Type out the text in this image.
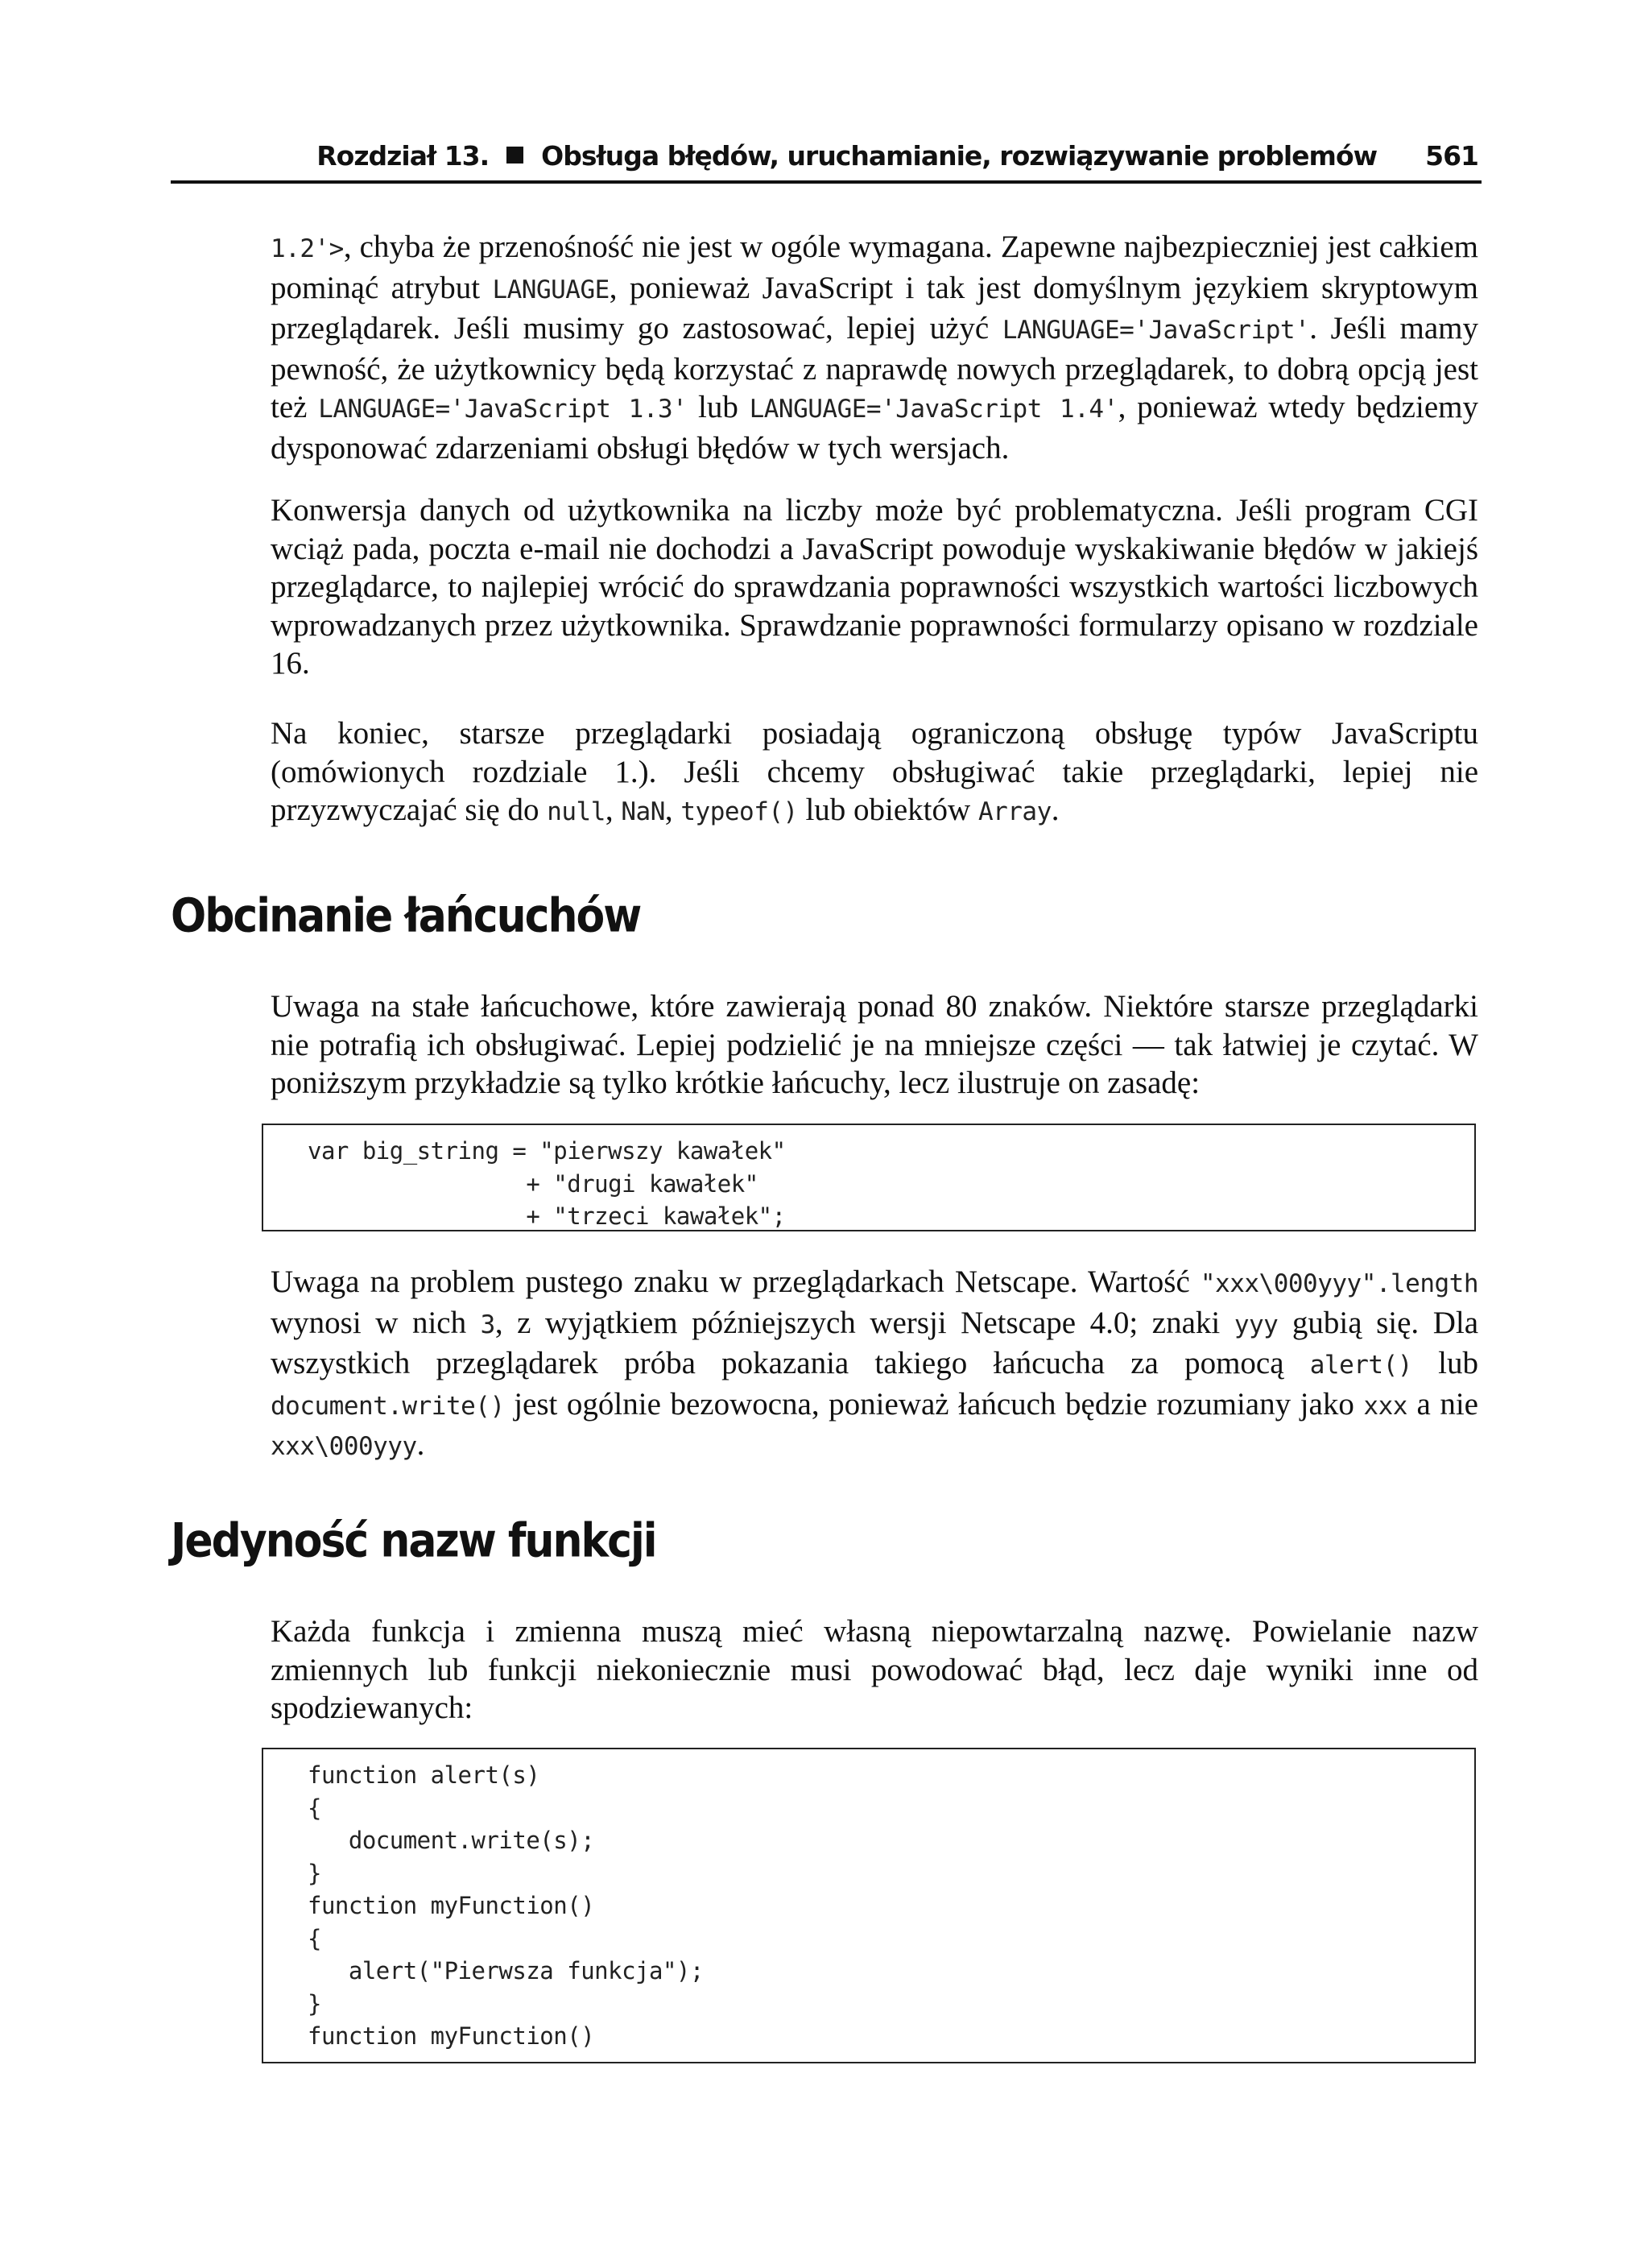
Rozdział 13. Obsługa błędów, uruchamianie, rozwiązywanie problemów 561

1.2'>, chyba że przenośność nie jest w ogóle wymagana. Zapewne najbezpieczniej jest całkiem pominąć atrybut LANGUAGE, ponieważ JavaScript i tak jest domyślnym językiem skryptowym przeglądarek. Jeśli musimy go zastosować, lepiej użyć LANGUAGE='JavaScript'. Jeśli mamy pewność, że użytkownicy będą korzystać z naprawdę nowych przeglądarek, to dobrą opcją jest też LANGUAGE='JavaScript 1.3' lub LANGUAGE='JavaScript 1.4', ponieważ wtedy będziemy dysponować zdarzeniami obsługi błędów w tych wersjach.

Konwersja danych od użytkownika na liczby może być problematyczna. Jeśli program CGI wciąż pada, poczta e-mail nie dochodzi a JavaScript powoduje wyskakiwanie błędów w jakiejś przeglądarce, to najlepiej wrócić do sprawdzania poprawności wszystkich wartości liczbowych wprowadzanych przez użytkownika. Sprawdzanie poprawności formularzy opisano w rozdziale 16.

Na koniec, starsze przeglądarki posiadają ograniczoną obsługę typów JavaScriptu (omówionych rozdziale 1.). Jeśli chcemy obsługiwać takie przeglądarki, lepiej nie przyzwyczajać się do null, NaN, typeof() lub obiektów Array.

Obcinanie łańcuchów

Uwaga na stałe łańcuchowe, które zawierają ponad 80 znaków. Niektóre starsze przeglądarki nie potrafią ich obsługiwać. Lepiej podzielić je na mniejsze części — tak łatwiej je czytać. W poniższym przykładzie są tylko krótkie łańcuchy, lecz ilustruje on zasadę:

var big_string = "pierwszy kawałek"
+ "drugi kawałek"
+ "trzeci kawałek";

Uwaga na problem pustego znaku w przeglądarkach Netscape. Wartość "xxx\000yyy".length wynosi w nich 3, z wyjątkiem późniejszych wersji Netscape 4.0; znaki yyy gubią się. Dla wszystkich przeglądarek próba pokazania takiego łańcucha za pomocą alert() lub document.write() jest ogólnie bezowocna, ponieważ łańcuch będzie rozumiany jako xxx a nie xxx\000yyy.

Jedyność nazw funkcji

Każda funkcja i zmienna muszą mieć własną niepowtarzalną nazwę. Powielanie nazw zmiennych lub funkcji niekoniecznie musi powodować błąd, lecz daje wyniki inne od spodziewanych:

function alert(s)
{
document.write(s);
}
function myFunction()
{
alert("Pierwsza funkcja");
}
function myFunction()
